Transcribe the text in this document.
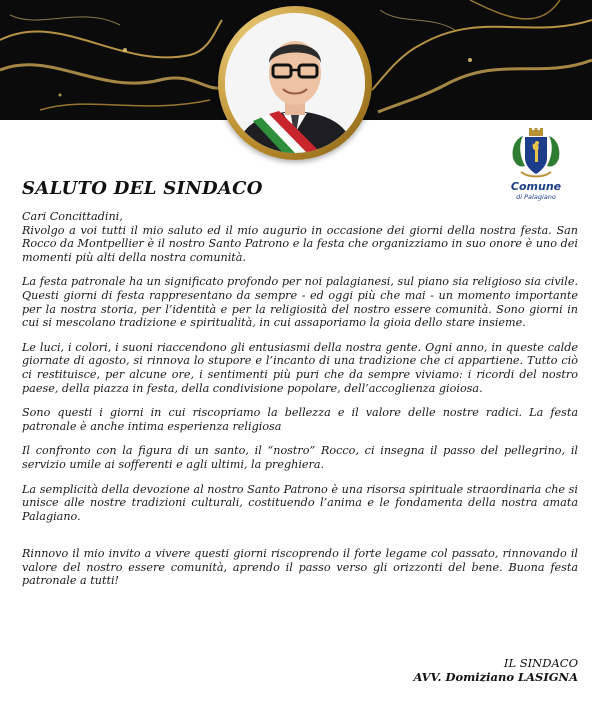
Comune
di Palagiano
SALUTO DEL SINDACO

Cari Concittadini,
Rivolgo a voi tutti il mio saluto ed il mio augurio in occasione dei giorni della nostra festa. San Rocco da Montpellier è il nostro Santo Patrono e la festa che organizziamo in suo onore è uno dei momenti più alti della nostra comunità.

La festa patronale ha un significato profondo per noi palagianesi, sul piano sia religioso sia civile. Questi giorni di festa rappresentano da sempre - ed oggi più che mai - un momento importante per la nostra storia, per l’identità e per la religiosità del nostro essere comunità. Sono giorni in cui si mescolano tradizione e spiritualità, in cui assaporiamo la gioia dello stare insieme.

Le luci, i colori, i suoni riaccendono gli entusiasmi della nostra gente. Ogni anno, in queste calde giornate di agosto, si rinnova lo stupore e l’incanto di una tradizione che ci appartiene. Tutto ciò ci restituisce, per alcune ore, i sentimenti più puri che da sempre viviamo: i ricordi del nostro paese, della piazza in festa, della condivisione popolare, dell’accoglienza gioiosa.

Sono questi i giorni in cui riscopriamo la bellezza e il valore delle nostre radici. La festa patronale è anche intima esperienza religiosa

Il confronto con la figura di un santo, il “nostro” Rocco, ci insegna il passo del pellegrino, il servizio umile ai sofferenti e agli ultimi, la preghiera.

La semplicità della devozione al nostro Santo Patrono è una risorsa spirituale straordinaria che si unisce alle nostre tradizioni culturali, costituendo l’anima e le fondamenta della nostra amata Palagiano.

Rinnovo il mio invito a vivere questi giorni riscoprendo il forte legame col passato, rinnovando il valore del nostro essere comunità, aprendo il passo verso gli orizzonti del bene. Buona festa patronale a tutti!

IL SINDACO
AVV. Domiziano LASIGNA
